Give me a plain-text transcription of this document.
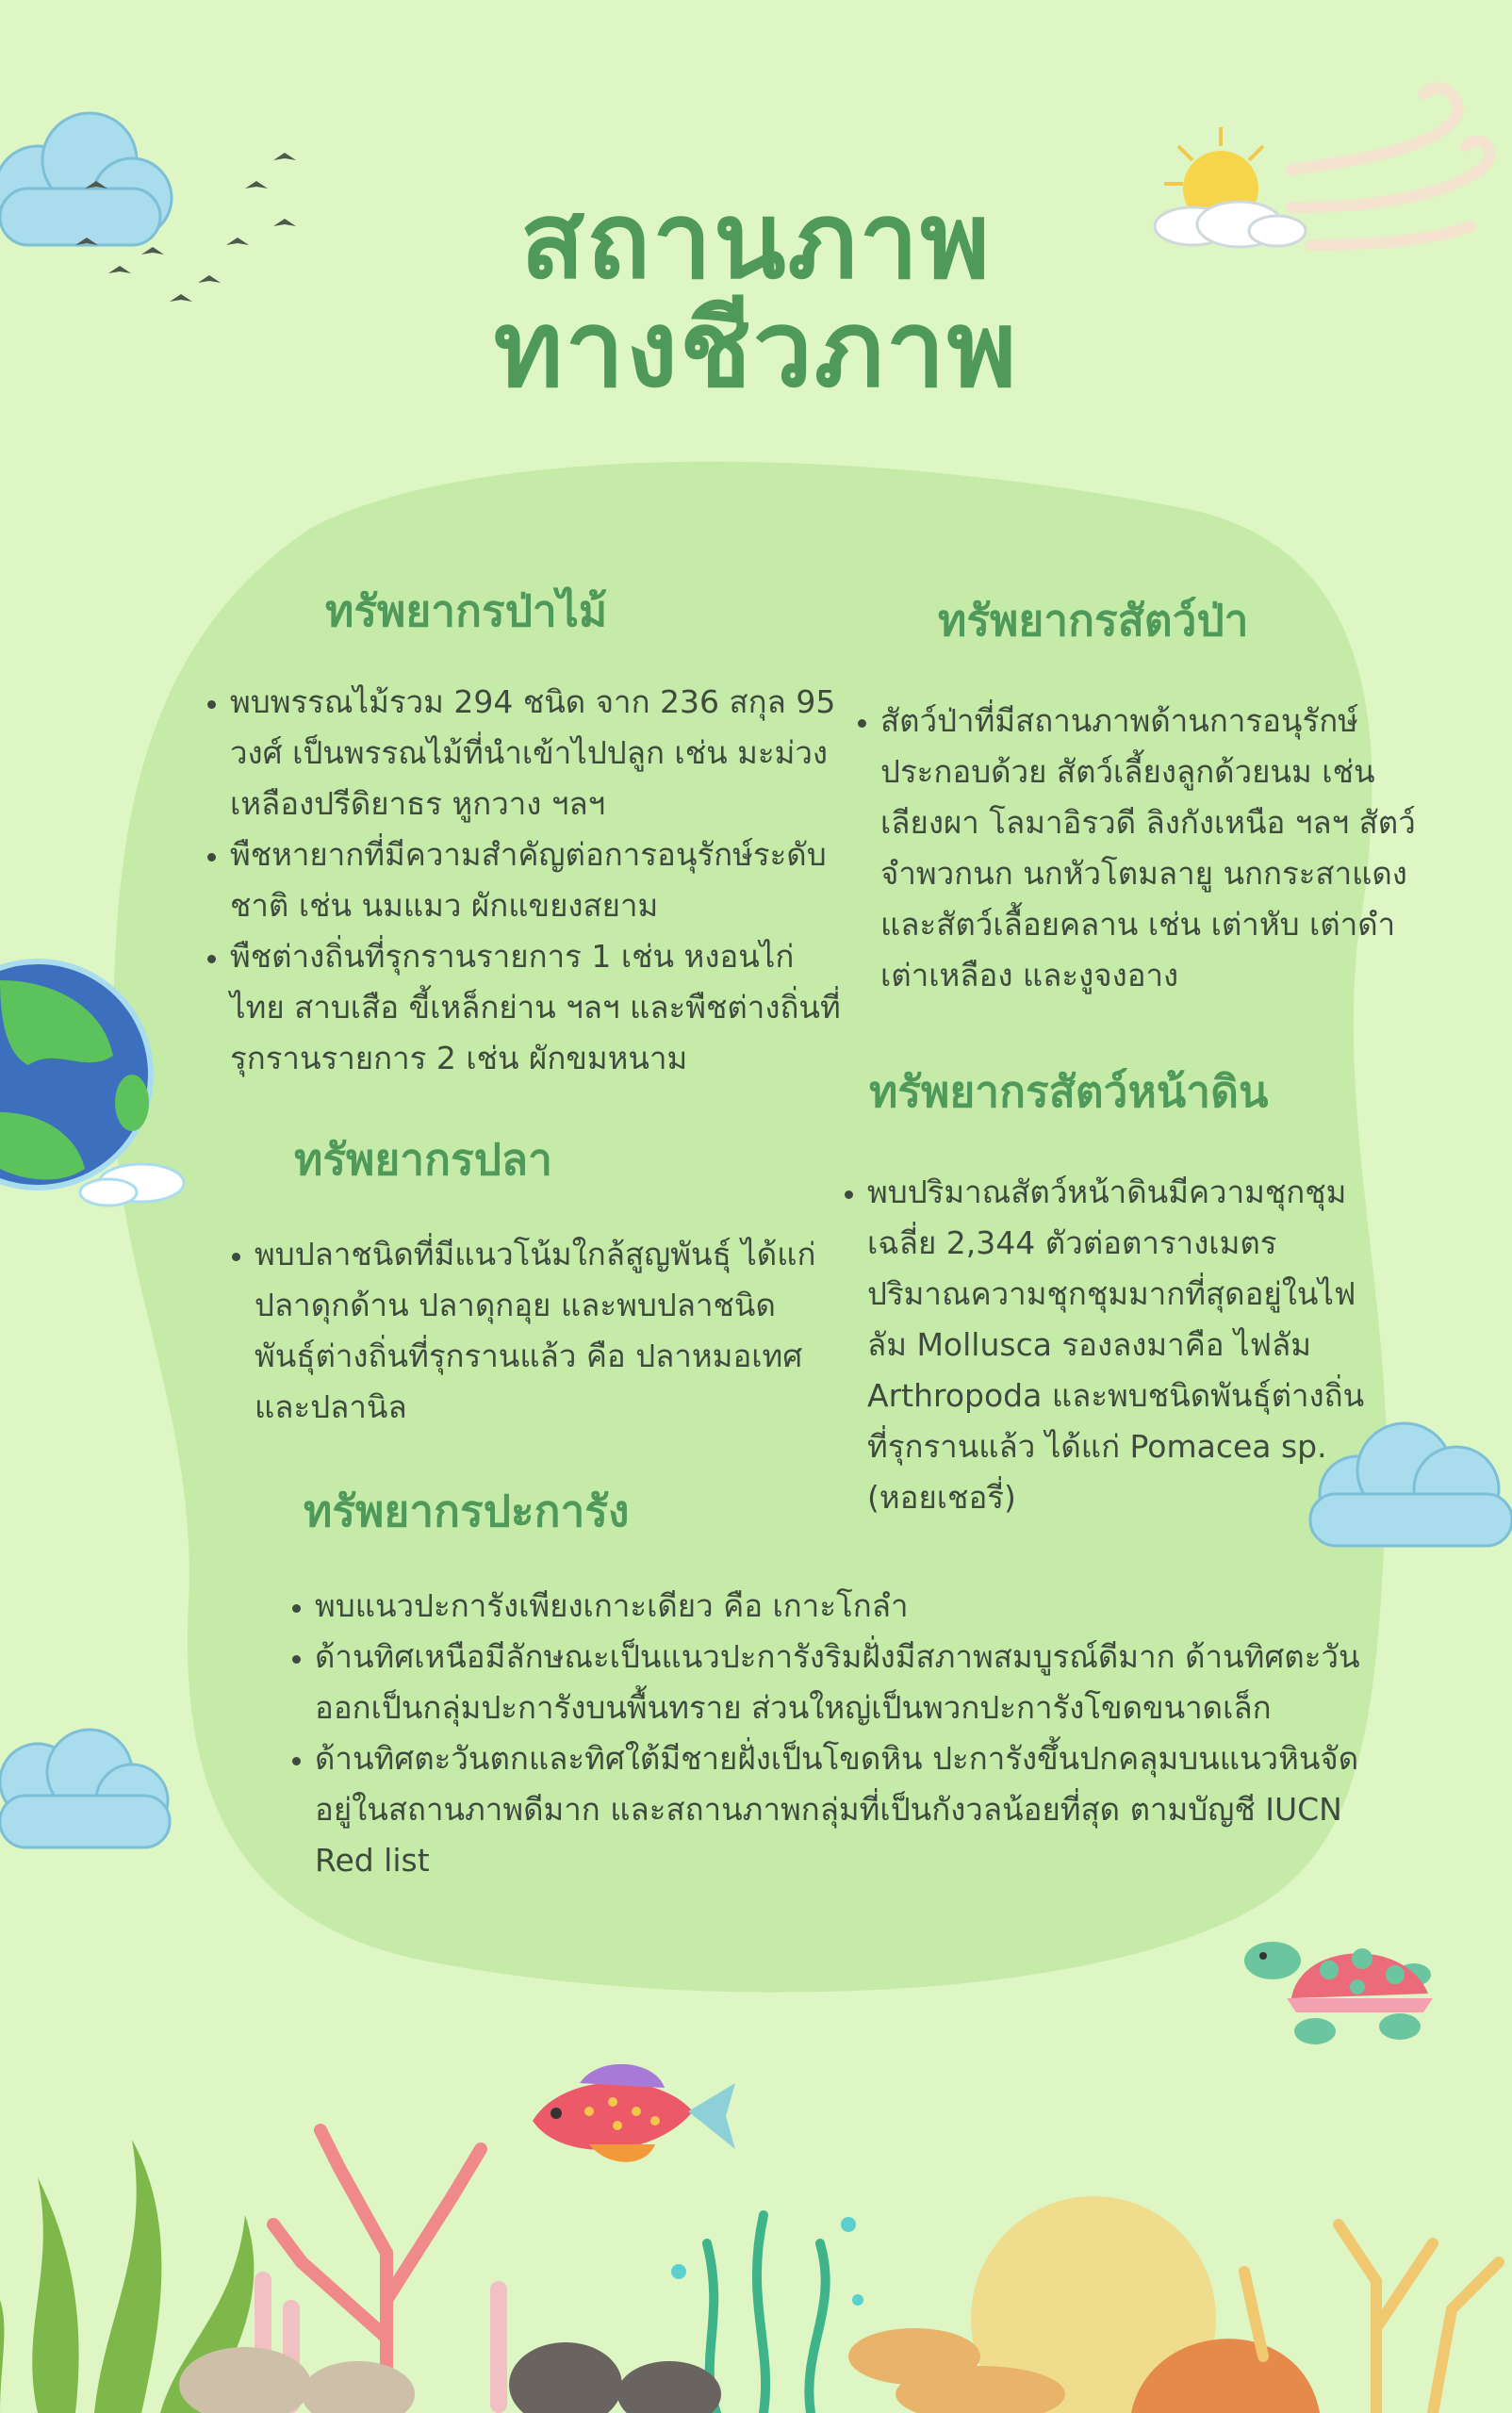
สถานภาพ
ทางชีวภาพ
ทรัพยากรป่าไม้
• พบพรรณไม้รวม 294 ชนิด จาก 236 สกุล 95 วงศ์ เป็นพรรณไม้ที่นำเข้าไปปลูก เช่น มะม่วง เหลืองปรีดิยาธร หูกวาง ฯลฯ
• พืชหายากที่มีความสำคัญต่อการอนุรักษ์ระดับชาติ เช่น นมแมว ผักแขยงสยาม
• พืชต่างถิ่นที่รุกรานรายการ 1 เช่น หงอนไก่ไทย สาบเสือ ขี้เหล็กย่าน ฯลฯ และพืชต่างถิ่นที่รุกรานรายการ 2 เช่น ผักขมหนาม
ทรัพยากรสัตว์ป่า
• สัตว์ป่าที่มีสถานภาพด้านการอนุรักษ์ ประกอบด้วย สัตว์เลี้ยงลูกด้วยนม เช่น เลียงผา โลมาอิรวดี ลิงกังเหนือ ฯลฯ สัตว์จำพวกนก นกหัวโตมลายู นกกระสาแดง และสัตว์เลื้อยคลาน เช่น เต่าหับ เต่าดำ เต่าเหลือง และงูจงอาง
ทรัพยากรปลา
• พบปลาชนิดที่มีแนวโน้มใกล้สูญพันธุ์ ได้แก่ ปลาดุกด้าน ปลาดุกอุย และพบปลาชนิดพันธุ์ต่างถิ่นที่รุกรานแล้ว คือ ปลาหมอเทศ และปลานิล
ทรัพยากรสัตว์หน้าดิน
• พบปริมาณสัตว์หน้าดินมีความชุกชุม เฉลี่ย 2,344 ตัวต่อตารางเมตร ปริมาณความชุกชุมมากที่สุดอยู่ในไฟลัม Mollusca รองลงมาคือ ไฟลัม Arthropoda และพบชนิดพันธุ์ต่างถิ่นที่รุกรานแล้ว ได้แก่ Pomacea sp.(หอยเชอรี่)
ทรัพยากรปะการัง
• พบแนวปะการังเพียงเกาะเดียว คือ เกาะโกลำ
• ด้านทิศเหนือมีลักษณะเป็นแนวปะการังริมฝั่งมีสภาพสมบูรณ์ดีมาก ด้านทิศตะวันออกเป็นกลุ่มปะการังบนพื้นทราย ส่วนใหญ่เป็นพวกปะการังโขดขนาดเล็ก
• ด้านทิศตะวันตกและทิศใต้มีชายฝั่งเป็นโขดหิน ปะการังขึ้นปกคลุมบนแนวหินจัดอยู่ในสถานภาพดีมาก และสถานภาพกลุ่มที่เป็นกังวลน้อยที่สุด ตามบัญชี IUCN Red list
